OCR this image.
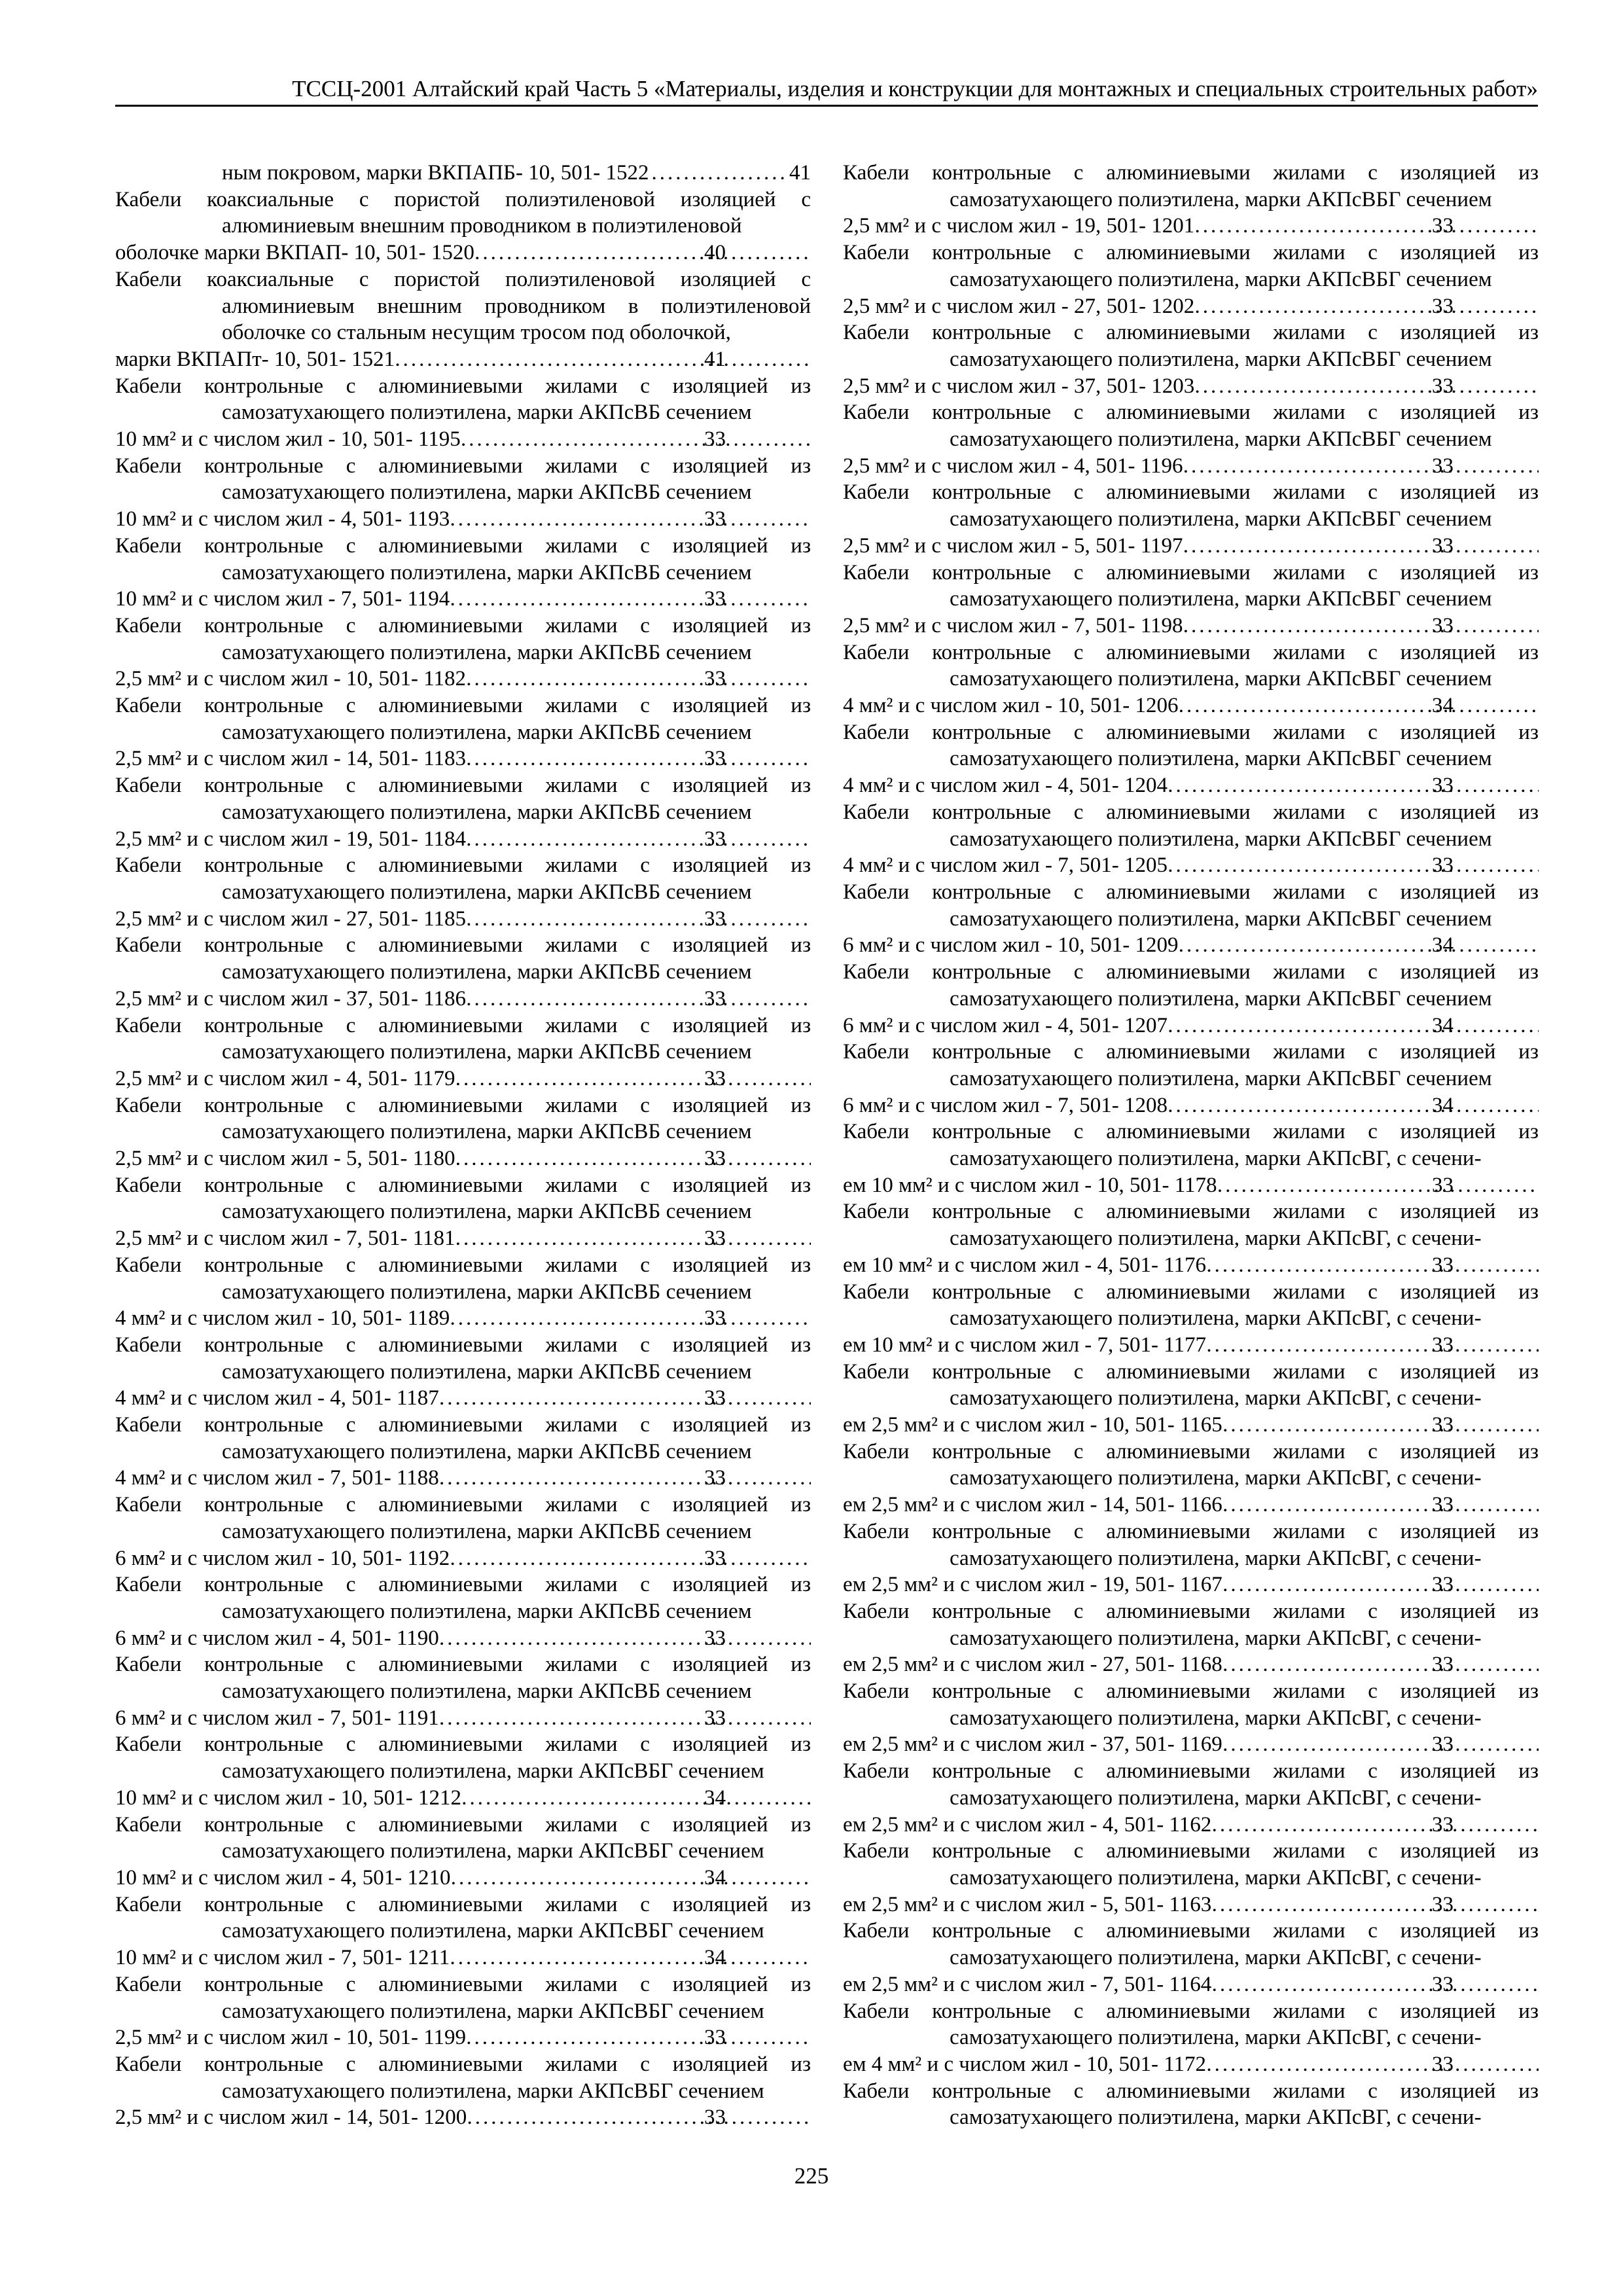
ТССЦ-2001 Алтайский край Часть 5 «Материалы, изделия и конструкции для монтажных и специальных строительных работ»
ным покровом, марки ВКПАПБ- 10, 501- 1522 .....	41
Кабели коаксиальные с пористой полиэтиленовой изоляцией с алюминиевым внешним проводником в полиэтиленовой
оболочке марки ВКПАП- 10, 501- 1520 .....	40
Кабели коаксиальные с пористой полиэтиленовой изоляцией с алюминиевым внешним проводником в полиэтиленовой оболочке со стальным несущим тросом под оболочкой,
марки ВКПАПт- 10, 501- 1521 .....	41
Кабели контрольные с алюминиевыми жилами с изоляцией из самозатухающего полиэтилена, марки АКПсВБ сечением
10 мм² и с числом жил - 10, 501- 1195 .....	33
Кабели контрольные с алюминиевыми жилами с изоляцией из самозатухающего полиэтилена, марки АКПсВБ сечением
10 мм² и с числом жил - 4, 501- 1193 .....	33
Кабели контрольные с алюминиевыми жилами с изоляцией из самозатухающего полиэтилена, марки АКПсВБ сечением
10 мм² и с числом жил - 7, 501- 1194 .....	33
Кабели контрольные с алюминиевыми жилами с изоляцией из самозатухающего полиэтилена, марки АКПсВБ сечением
2,5 мм² и с числом жил - 10, 501- 1182 .....	33
Кабели контрольные с алюминиевыми жилами с изоляцией из самозатухающего полиэтилена, марки АКПсВБ сечением
2,5 мм² и с числом жил - 14, 501- 1183 .....	33
Кабели контрольные с алюминиевыми жилами с изоляцией из самозатухающего полиэтилена, марки АКПсВБ сечением
2,5 мм² и с числом жил - 19, 501- 1184 .....	33
Кабели контрольные с алюминиевыми жилами с изоляцией из самозатухающего полиэтилена, марки АКПсВБ сечением
2,5 мм² и с числом жил - 27, 501- 1185 .....	33
Кабели контрольные с алюминиевыми жилами с изоляцией из самозатухающего полиэтилена, марки АКПсВБ сечением
2,5 мм² и с числом жил - 37, 501- 1186 .....	33
Кабели контрольные с алюминиевыми жилами с изоляцией из самозатухающего полиэтилена, марки АКПсВБ сечением
2,5 мм² и с числом жил - 4, 501- 1179 .....	33
Кабели контрольные с алюминиевыми жилами с изоляцией из самозатухающего полиэтилена, марки АКПсВБ сечением
2,5 мм² и с числом жил - 5, 501- 1180 .....	33
Кабели контрольные с алюминиевыми жилами с изоляцией из самозатухающего полиэтилена, марки АКПсВБ сечением
2,5 мм² и с числом жил - 7, 501- 1181 .....	33
Кабели контрольные с алюминиевыми жилами с изоляцией из самозатухающего полиэтилена, марки АКПсВБ сечением
4 мм² и с числом жил - 10, 501- 1189 .....	33
Кабели контрольные с алюминиевыми жилами с изоляцией из самозатухающего полиэтилена, марки АКПсВБ сечением
4 мм² и с числом жил - 4, 501- 1187 .....	33
Кабели контрольные с алюминиевыми жилами с изоляцией из самозатухающего полиэтилена, марки АКПсВБ сечением
4 мм² и с числом жил - 7, 501- 1188 .....	33
Кабели контрольные с алюминиевыми жилами с изоляцией из самозатухающего полиэтилена, марки АКПсВБ сечением
6 мм² и с числом жил - 10, 501- 1192 .....	33
Кабели контрольные с алюминиевыми жилами с изоляцией из самозатухающего полиэтилена, марки АКПсВБ сечением
6 мм² и с числом жил - 4, 501- 1190 .....	33
Кабели контрольные с алюминиевыми жилами с изоляцией из самозатухающего полиэтилена, марки АКПсВБ сечением
6 мм² и с числом жил - 7, 501- 1191 .....	33
Кабели контрольные с алюминиевыми жилами с изоляцией из самозатухающего полиэтилена, марки АКПсВБГ сечением
10 мм² и с числом жил - 10, 501- 1212 .....	34
Кабели контрольные с алюминиевыми жилами с изоляцией из самозатухающего полиэтилена, марки АКПсВБГ сечением
10 мм² и с числом жил - 4, 501- 1210 .....	34
Кабели контрольные с алюминиевыми жилами с изоляцией из самозатухающего полиэтилена, марки АКПсВБГ сечением
10 мм² и с числом жил - 7, 501- 1211 .....	34
Кабели контрольные с алюминиевыми жилами с изоляцией из самозатухающего полиэтилена, марки АКПсВБГ сечением
2,5 мм² и с числом жил - 10, 501- 1199 .....	33
Кабели контрольные с алюминиевыми жилами с изоляцией из самозатухающего полиэтилена, марки АКПсВБГ сечением
2,5 мм² и с числом жил - 14, 501- 1200 .....	33
Кабели контрольные с алюминиевыми жилами с изоляцией из самозатухающего полиэтилена, марки АКПсВБГ сечением
2,5 мм² и с числом жил - 19, 501- 1201 .....	33
Кабели контрольные с алюминиевыми жилами с изоляцией из самозатухающего полиэтилена, марки АКПсВБГ сечением
2,5 мм² и с числом жил - 27, 501- 1202 .....	33
Кабели контрольные с алюминиевыми жилами с изоляцией из самозатухающего полиэтилена, марки АКПсВБГ сечением
2,5 мм² и с числом жил - 37, 501- 1203 .....	33
Кабели контрольные с алюминиевыми жилами с изоляцией из самозатухающего полиэтилена, марки АКПсВБГ сечением
2,5 мм² и с числом жил - 4, 501- 1196 .....	33
Кабели контрольные с алюминиевыми жилами с изоляцией из самозатухающего полиэтилена, марки АКПсВБГ сечением
2,5 мм² и с числом жил - 5, 501- 1197 .....	33
Кабели контрольные с алюминиевыми жилами с изоляцией из самозатухающего полиэтилена, марки АКПсВБГ сечением
2,5 мм² и с числом жил - 7, 501- 1198 .....	33
Кабели контрольные с алюминиевыми жилами с изоляцией из самозатухающего полиэтилена, марки АКПсВБГ сечением
4 мм² и с числом жил - 10, 501- 1206 .....	34
Кабели контрольные с алюминиевыми жилами с изоляцией из самозатухающего полиэтилена, марки АКПсВБГ сечением
4 мм² и с числом жил - 4, 501- 1204 .....	33
Кабели контрольные с алюминиевыми жилами с изоляцией из самозатухающего полиэтилена, марки АКПсВБГ сечением
4 мм² и с числом жил - 7, 501- 1205 .....	33
Кабели контрольные с алюминиевыми жилами с изоляцией из самозатухающего полиэтилена, марки АКПсВБГ сечением
6 мм² и с числом жил - 10, 501- 1209 .....	34
Кабели контрольные с алюминиевыми жилами с изоляцией из самозатухающего полиэтилена, марки АКПсВБГ сечением
6 мм² и с числом жил - 4, 501- 1207 .....	34
Кабели контрольные с алюминиевыми жилами с изоляцией из самозатухающего полиэтилена, марки АКПсВБГ сечением
6 мм² и с числом жил - 7, 501- 1208 .....	34
Кабели контрольные с алюминиевыми жилами с изоляцией из самозатухающего полиэтилена, марки АКПсВГ, с сечени-
ем 10 мм² и с числом жил - 10, 501- 1178 .....	33
Кабели контрольные с алюминиевыми жилами с изоляцией из самозатухающего полиэтилена, марки АКПсВГ, с сечени-
ем 10 мм² и с числом жил - 4, 501- 1176 .....	33
Кабели контрольные с алюминиевыми жилами с изоляцией из самозатухающего полиэтилена, марки АКПсВГ, с сечени-
ем 10 мм² и с числом жил - 7, 501- 1177 .....	33
Кабели контрольные с алюминиевыми жилами с изоляцией из самозатухающего полиэтилена, марки АКПсВГ, с сечени-
ем 2,5 мм² и с числом жил - 10, 501- 1165 .....	33
Кабели контрольные с алюминиевыми жилами с изоляцией из самозатухающего полиэтилена, марки АКПсВГ, с сечени-
ем 2,5 мм² и с числом жил - 14, 501- 1166 .....	33
Кабели контрольные с алюминиевыми жилами с изоляцией из самозатухающего полиэтилена, марки АКПсВГ, с сечени-
ем 2,5 мм² и с числом жил - 19, 501- 1167 .....	33
Кабели контрольные с алюминиевыми жилами с изоляцией из самозатухающего полиэтилена, марки АКПсВГ, с сечени-
ем 2,5 мм² и с числом жил - 27, 501- 1168 .....	33
Кабели контрольные с алюминиевыми жилами с изоляцией из самозатухающего полиэтилена, марки АКПсВГ, с сечени-
ем 2,5 мм² и с числом жил - 37, 501- 1169 .....	33
Кабели контрольные с алюминиевыми жилами с изоляцией из самозатухающего полиэтилена, марки АКПсВГ, с сечени-
ем 2,5 мм² и с числом жил - 4, 501- 1162 .....	33
Кабели контрольные с алюминиевыми жилами с изоляцией из самозатухающего полиэтилена, марки АКПсВГ, с сечени-
ем 2,5 мм² и с числом жил - 5, 501- 1163 .....	33
Кабели контрольные с алюминиевыми жилами с изоляцией из самозатухающего полиэтилена, марки АКПсВГ, с сечени-
ем 2,5 мм² и с числом жил - 7, 501- 1164 .....	33
Кабели контрольные с алюминиевыми жилами с изоляцией из самозатухающего полиэтилена, марки АКПсВГ, с сечени-
ем 4 мм² и с числом жил - 10, 501- 1172 .....	33
Кабели контрольные с алюминиевыми жилами с изоляцией из самозатухающего полиэтилена, марки АКПсВГ, с сечени-
225
